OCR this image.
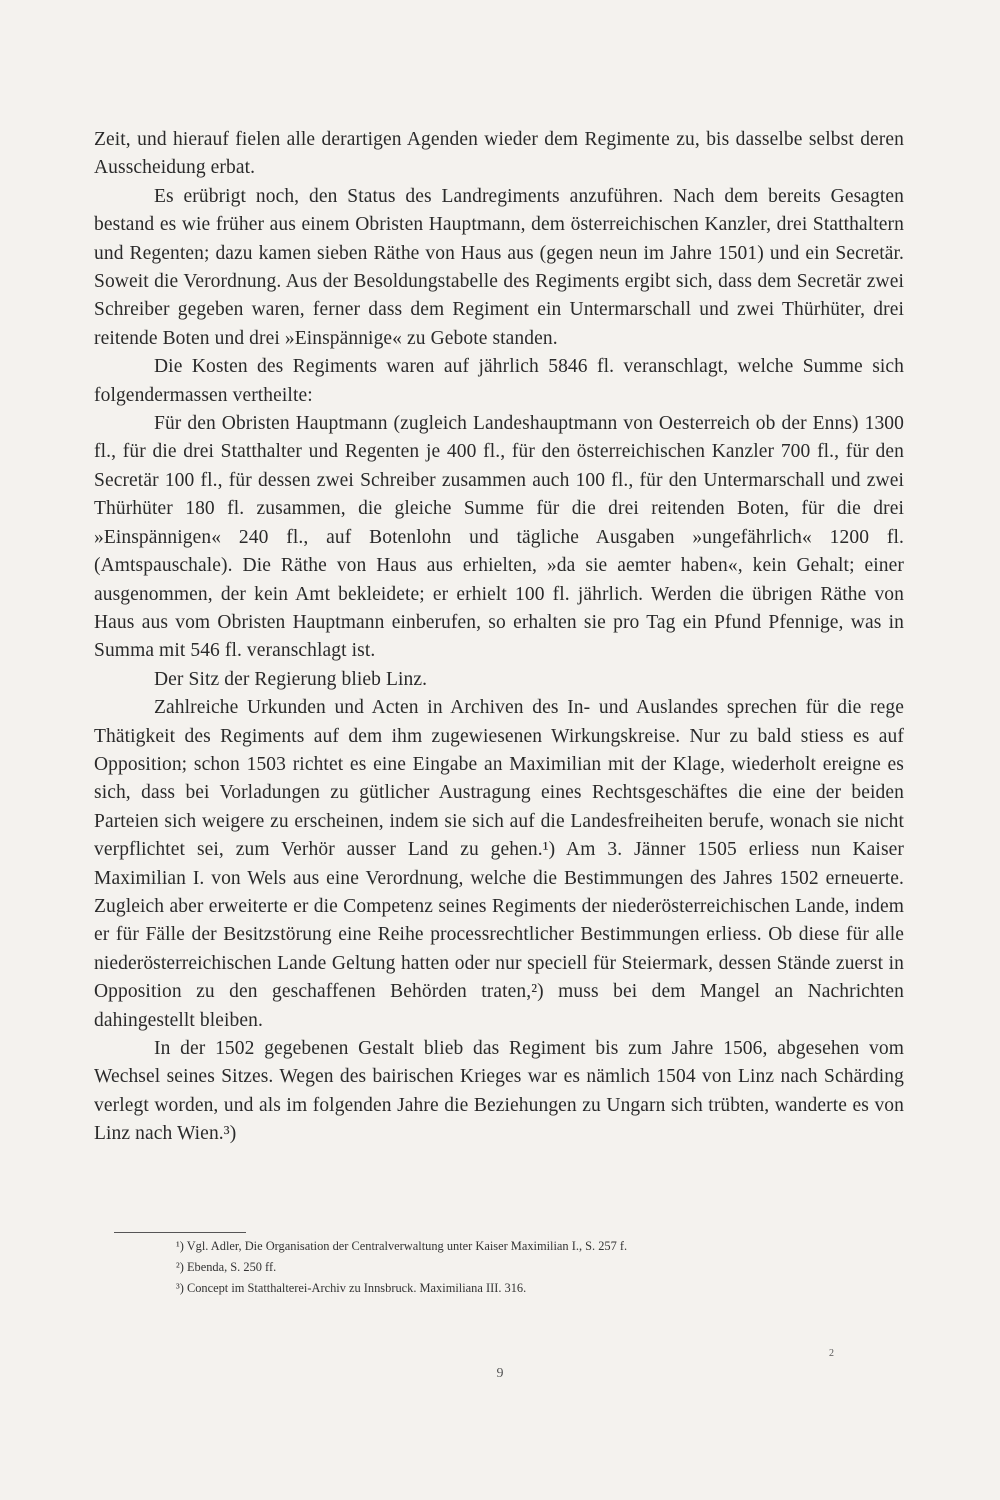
Zeit, und hierauf fielen alle derartigen Agenden wieder dem Regimente zu, bis dasselbe selbst deren Ausscheidung erbat.

Es erübrigt noch, den Status des Landregiments anzuführen. Nach dem bereits Gesagten bestand es wie früher aus einem Obristen Hauptmann, dem österreichischen Kanzler, drei Statthaltern und Regenten; dazu kamen sieben Räthe von Haus aus (gegen neun im Jahre 1501) und ein Secretär. Soweit die Verordnung. Aus der Besoldungstabelle des Regiments ergibt sich, dass dem Secretär zwei Schreiber gegeben waren, ferner dass dem Regiment ein Untermarschall und zwei Thürhüter, drei reitende Boten und drei »Einspännige« zu Gebote standen.

Die Kosten des Regiments waren auf jährlich 5846 fl. veranschlagt, welche Summe sich folgendermassen vertheilte:

Für den Obristen Hauptmann (zugleich Landeshauptmann von Oesterreich ob der Enns) 1300 fl., für die drei Statthalter und Regenten je 400 fl., für den österreichischen Kanzler 700 fl., für den Secretär 100 fl., für dessen zwei Schreiber zusammen auch 100 fl., für den Untermarschall und zwei Thürhüter 180 fl. zusammen, die gleiche Summe für die drei reitenden Boten, für die drei »Einspännigen« 240 fl., auf Botenlohn und tägliche Ausgaben »ungefährlich« 1200 fl. (Amtspauschale). Die Räthe von Haus aus erhielten, »da sie aemter haben«, kein Gehalt; einer ausgenommen, der kein Amt bekleidete; er erhielt 100 fl. jährlich. Werden die übrigen Räthe von Haus aus vom Obristen Hauptmann einberufen, so erhalten sie pro Tag ein Pfund Pfennige, was in Summa mit 546 fl. veranschlagt ist.

Der Sitz der Regierung blieb Linz.

Zahlreiche Urkunden und Acten in Archiven des In- und Auslandes sprechen für die rege Thätigkeit des Regiments auf dem ihm zugewiesenen Wirkungskreise. Nur zu bald stiess es auf Opposition; schon 1503 richtet es eine Eingabe an Maximilian mit der Klage, wiederholt ereigne es sich, dass bei Vorladungen zu gütlicher Austragung eines Rechtsgeschäftes die eine der beiden Parteien sich weigere zu erscheinen, indem sie sich auf die Landesfreiheiten berufe, wonach sie nicht verpflichtet sei, zum Verhör ausser Land zu gehen.¹) Am 3. Jänner 1505 erliess nun Kaiser Maximilian I. von Wels aus eine Verordnung, welche die Bestimmungen des Jahres 1502 erneuerte. Zugleich aber erweiterte er die Competenz seines Regiments der niederösterreichischen Lande, indem er für Fälle der Besitzstörung eine Reihe processrechtlicher Bestimmungen erliess. Ob diese für alle niederösterreichischen Lande Geltung hatten oder nur speciell für Steiermark, dessen Stände zuerst in Opposition zu den geschaffenen Behörden traten,²) muss bei dem Mangel an Nachrichten dahingestellt bleiben.

In der 1502 gegebenen Gestalt blieb das Regiment bis zum Jahre 1506, abgesehen vom Wechsel seines Sitzes. Wegen des bairischen Krieges war es nämlich 1504 von Linz nach Schärding verlegt worden, und als im folgenden Jahre die Beziehungen zu Ungarn sich trübten, wanderte es von Linz nach Wien.³)

¹) Vgl. Adler, Die Organisation der Centralverwaltung unter Kaiser Maximilian I., S. 257 f.
²) Ebenda, S. 250 ff.
³) Concept im Statthalterei-Archiv zu Innsbruck. Maximiliana III. 316.
9
2
